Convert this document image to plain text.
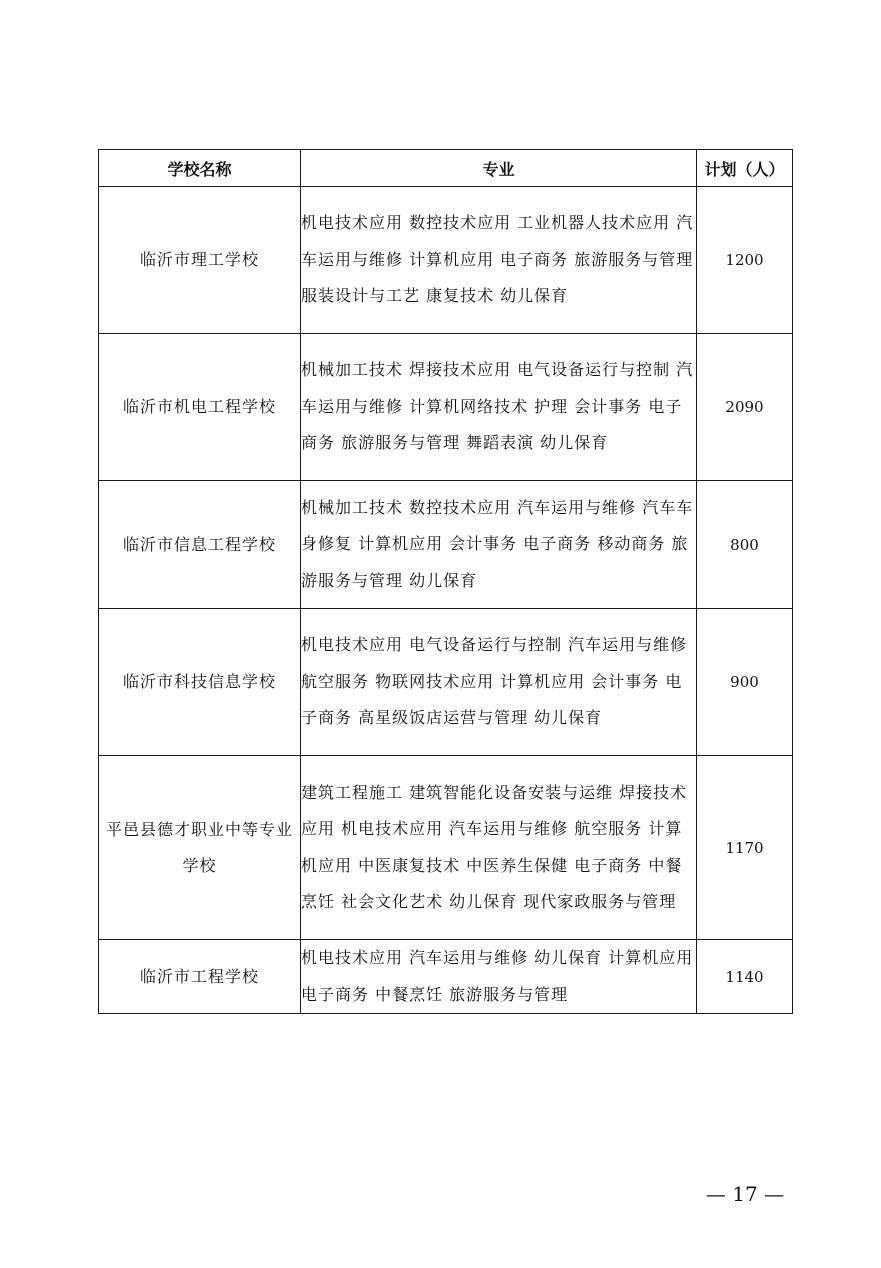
学校名称	专业	计划（人）
临沂市理工学校	机电技术应用 数控技术应用 工业机器人技术应用 汽车运用与维修 计算机应用 电子商务 旅游服务与管理 服装设计与工艺 康复技术 幼儿保育	1200
临沂市机电工程学校	机械加工技术 焊接技术应用 电气设备运行与控制 汽车运用与维修 计算机网络技术 护理 会计事务 电子商务 旅游服务与管理 舞蹈表演 幼儿保育	2090
临沂市信息工程学校	机械加工技术 数控技术应用 汽车运用与维修 汽车车身修复 计算机应用 会计事务 电子商务 移动商务 旅游服务与管理 幼儿保育	800
临沂市科技信息学校	机电技术应用 电气设备运行与控制 汽车运用与维修 航空服务 物联网技术应用 计算机应用 会计事务 电子商务 高星级饭店运营与管理 幼儿保育	900
平邑县德才职业中等专业学校	建筑工程施工 建筑智能化设备安装与运维 焊接技术应用 机电技术应用 汽车运用与维修 航空服务 计算机应用 中医康复技术 中医养生保健 电子商务 中餐烹饪 社会文化艺术 幼儿保育 现代家政服务与管理	1170
临沂市工程学校	机电技术应用 汽车运用与维修 幼儿保育 计算机应用 电子商务 中餐烹饪 旅游服务与管理	1140
— 17 —
